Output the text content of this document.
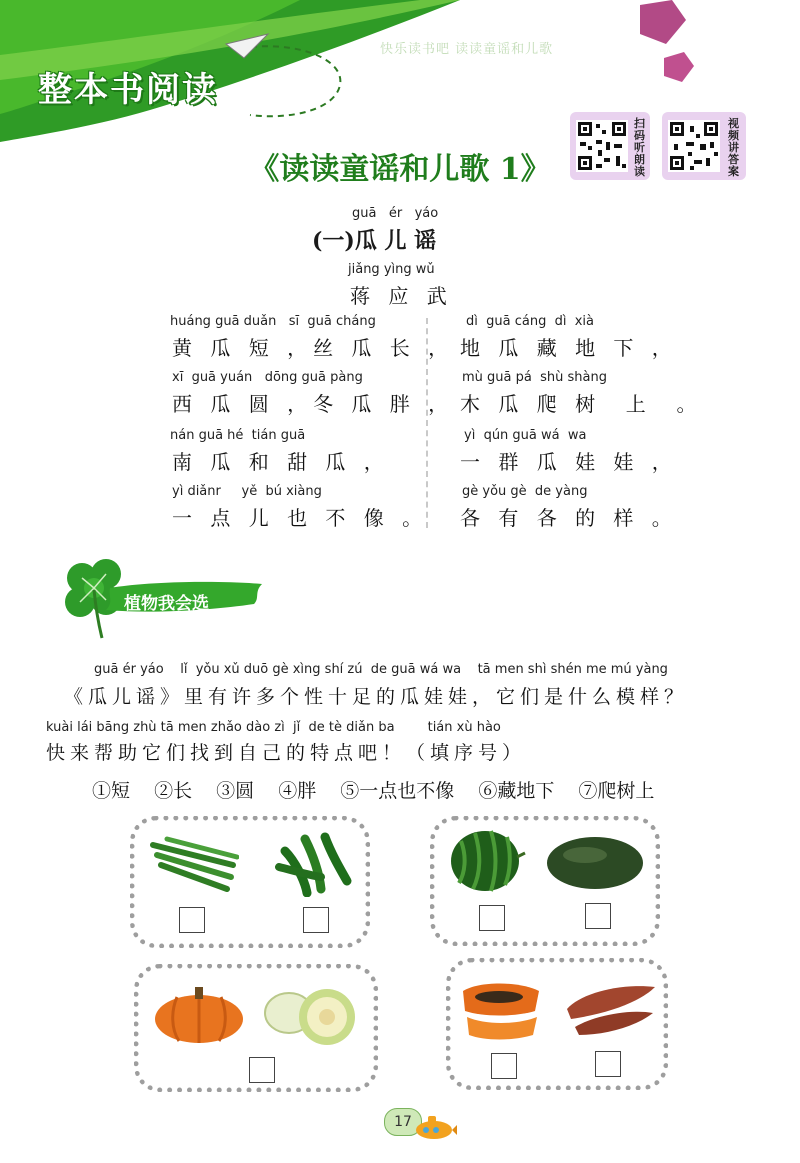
整本书阅读
快乐读书吧 读读童谣和儿歌
扫码听朗读
视频讲答案
《读读童谣和儿歌 1》
guā   ér   yáo
(一)瓜 儿 谣
jiǎng yìng wǔ
蒋 应 武
huáng guā duǎn   sī  guā cháng
黄 瓜 短 ，丝 瓜 长 ，
xī  guā yuán   dōng guā pàng
西 瓜 圆 ，冬 瓜 胖 ，
nán guā hé  tián guā
南 瓜 和 甜 瓜 ，
yì diǎnr     yě  bú xiàng
一 点 儿 也 不 像 。
dì  guā cáng  dì  xià
地 瓜 藏 地 下 ，
mù guā pá  shù shàng
木 瓜 爬 树  上  。
yì  qún guā wá  wa
一 群 瓜 娃 娃 ，
gè yǒu gè  de yàng
各 有 各 的 样 。
植物我会选
guā ér yáo    lǐ  yǒu xǔ duō gè xìng shí zú  de guā wá wa    tā men shì shén me mú yàng
《瓜儿谣》里有许多个性十足的瓜娃娃，它们是什么模样？
kuài lái bāng zhù tā men zhǎo dào zì  jǐ  de tè diǎn ba        tián xù hào
快来帮助它们找到自己的特点吧！（填序号）
①短 ②长 ③圆 ④胖 ⑤一点也不像 ⑥藏地下 ⑦爬树上
17
